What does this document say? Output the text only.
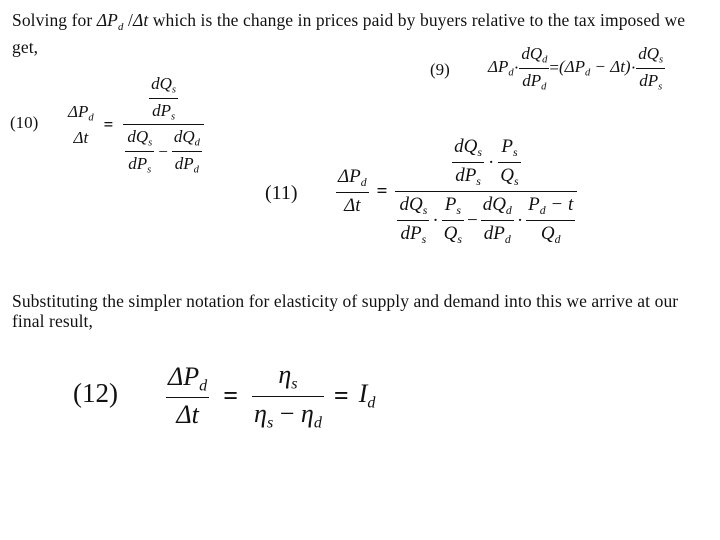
Solving for $\Delta P_d$ /Δt which is the change in prices paid by buyers relative to the tax imposed we get,
(9) $\Delta P_d \cdot \frac{dQ_d}{dP_d} = (\Delta P_d - \Delta t) \cdot \frac{dQ_s}{dP_s}$
(10)
$\Delta P_d$
Δt
=
$\frac{dQ_s}{dP_s}$
$\frac{dQ_s}{dP_s} - \frac{dQ_d}{dP_d}$
$(11) \frac{\Delta P_d}{\Delta t}$ =
$\frac{dQ_s}{dP_s} \cdot \frac{P_s}{Q_s}$
$\frac{dQ_s}{dP_s} \cdot \frac{P_s}{Q_s} - \frac{dQ_d}{dP_d} \cdot \frac{P_d - t}{Q_d}$
Substituting the simpler notation for elasticity of supply and demand into this we arrive at our final result,
$(12) \frac{\Delta P_d}{\Delta t} = \frac{\eta_s}{\eta_s - \eta_d} = I_d$
